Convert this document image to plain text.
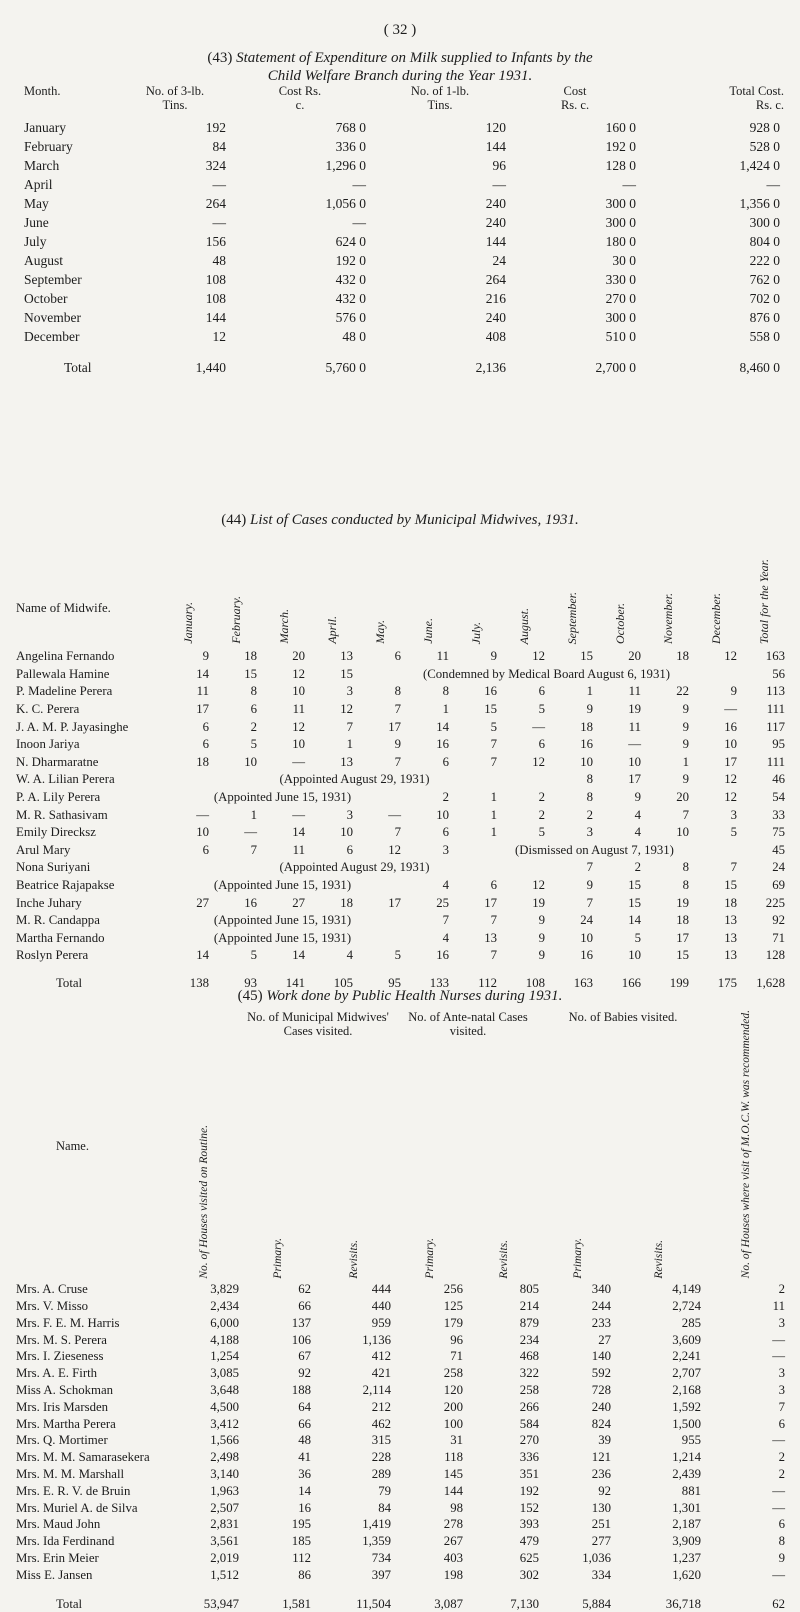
( 32 )
(43) Statement of Expenditure on Milk supplied to Infants by the
Child Welfare Branch during the Year 1931.
Month.	No. of 3-lb. Tins.	Cost Rs. c.	No. of 1-lb. Tins.	Cost Rs. c.	Total Cost. Rs. c.
January	192	768 0	120	160 0	928 0
February	84	336 0	144	192 0	528 0
March	324	1,296 0	96	128 0	1,424 0
April	—	—	—	—	—
May	264	1,056 0	240	300 0	1,356 0
June	—	—	240	300 0	300 0
July	156	624 0	144	180 0	804 0
August	48	192 0	24	30 0	222 0
September	108	432 0	264	330 0	762 0
October	108	432 0	216	270 0	702 0
November	144	576 0	240	300 0	876 0
December	12	48 0	408	510 0	558 0
Total	1,440	5,760 0	2,136	2,700 0	8,460 0
(44) List of Cases conducted by Municipal Midwives, 1931.
Name of Midwife.	January.	February.	March.	April.	May.	June.	July.	August.	September.	October.	November.	December.	Total for the Year.
Angelina Fernando	9	18	20	13	6	11	9	12	15	20	18	12	163
Pallewala Hamine	14	15	12	15	(Condemned by Medical Board August 6, 1931)								56
P. Madeline Perera	11	8	10	3	8	8	16	6	1	11	22	9	113
K. C. Perera	17	6	11	12	7	1	15	5	9	19	9	—	111
J. A. M. P. Jayasinghe	6	2	12	7	17	14	5	—	18	11	9	16	117
Inoon Jariya	6	5	10	1	9	16	7	6	16	—	9	10	95
N. Dharmaratne	18	10	—	13	7	6	7	12	10	10	1	17	111
W. A. Lilian Perera	(Appointed August 29, 1931)								8	17	9	12	46
P. A. Lily Perera	(Appointed June 15, 1931)					2	1	2	8	9	20	12	54
M. R. Sathasivam	—	1	—	3	—	10	1	2	2	4	7	3	33
Emily Direcksz	10	—	14	10	7	6	1	5	3	4	10	5	75
Arul Mary	6	7	11	6	12	3	(Dismissed on August 7, 1931)						45
Nona Suriyani	(Appointed August 29, 1931)								7	2	8	7	24
Beatrice Rajapakse	(Appointed June 15, 1931)					4	6	12	9	15	8	15	69
Inche Juhary	27	16	27	18	17	25	17	19	7	15	19	18	225
M. R. Candappa	(Appointed June 15, 1931)					7	7	9	24	14	18	13	92
Martha Fernando	(Appointed June 15, 1931)					4	13	9	10	5	17	13	71
Roslyn Perera	14	5	14	4	5	16	7	9	16	10	15	13	128
Total	138	93	141	105	95	133	112	108	163	166	199	175	1,628
(45) Work done by Public Health Nurses during 1931.
Name.	No. of Houses visited on Routine.	No. of Municipal Midwives' Cases visited.		No. of Ante-natal Cases visited.		No. of Babies visited.		No. of Houses where visit of M.O.C.W. was recommended.
		Primary.	Revisits.	Primary.	Revisits.	Primary.	Revisits.	
Mrs. A. Cruse	3,829	62	444	256	805	340	4,149	2
Mrs. V. Misso	2,434	66	440	125	214	244	2,724	11
Mrs. F. E. M. Harris	6,000	137	959	179	879	233	285	3
Mrs. M. S. Perera	4,188	106	1,136	96	234	27	3,609	—
Mrs. I. Zieseness	1,254	67	412	71	468	140	2,241	—
Mrs. A. E. Firth	3,085	92	421	258	322	592	2,707	3
Miss A. Schokman	3,648	188	2,114	120	258	728	2,168	3
Mrs. Iris Marsden	4,500	64	212	200	266	240	1,592	7
Mrs. Martha Perera	3,412	66	462	100	584	824	1,500	6
Mrs. Q. Mortimer	1,566	48	315	31	270	39	955	—
Mrs. M. M. Samarasekera	2,498	41	228	118	336	121	1,214	2
Mrs. M. M. Marshall	3,140	36	289	145	351	236	2,439	2
Mrs. E. R. V. de Bruin	1,963	14	79	144	192	92	881	—
Mrs. Muriel A. de Silva	2,507	16	84	98	152	130	1,301	—
Mrs. Maud John	2,831	195	1,419	278	393	251	2,187	6
Mrs. Ida Ferdinand	3,561	185	1,359	267	479	277	3,909	8
Mrs. Erin Meier	2,019	112	734	403	625	1,036	1,237	9
Miss E. Jansen	1,512	86	397	198	302	334	1,620	—
Total	53,947	1,581	11,504	3,087	7,130	5,884	36,718	62
